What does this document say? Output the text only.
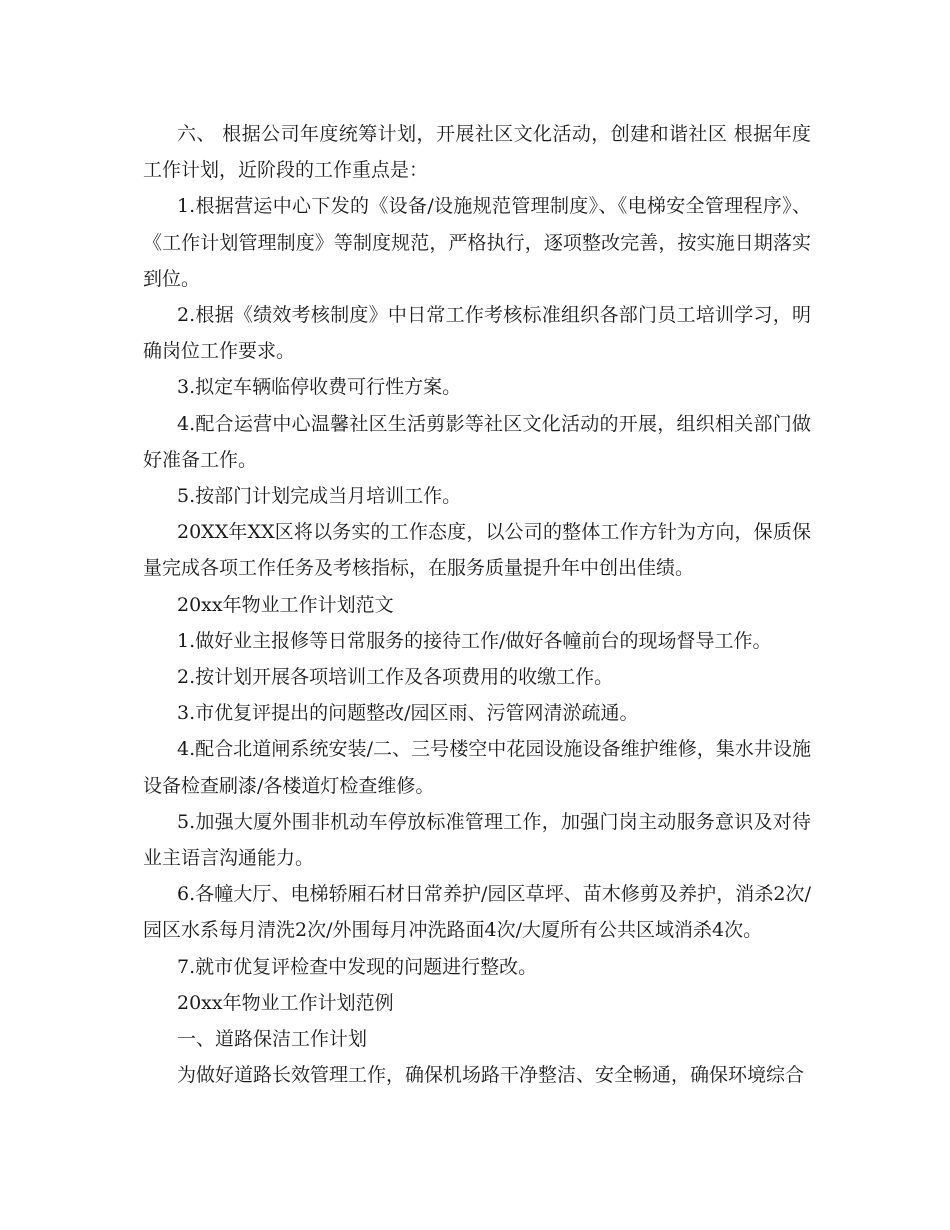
六、 根据公司年度统筹计划，开展社区文化活动，创建和谐社区 根据年度工作计划，近阶段的工作重点是：

1.根据营运中心下发的《设备/设施规范管理制度》、《电梯安全管理程序》、《工作计划管理制度》等制度规范，严格执行，逐项整改完善，按实施日期落实到位。

2.根据《绩效考核制度》中日常工作考核标准组织各部门员工培训学习，明确岗位工作要求。

3.拟定车辆临停收费可行性方案。

4.配合运营中心温馨社区生活剪影等社区文化活动的开展，组织相关部门做好准备工作。

5.按部门计划完成当月培训工作。

20XX年XX区将以务实的工作态度，以公司的整体工作方针为方向，保质保量完成各项工作任务及考核指标，在服务质量提升年中创出佳绩。

20xx年物业工作计划范文

1.做好业主报修等日常服务的接待工作/做好各幢前台的现场督导工作。

2.按计划开展各项培训工作及各项费用的收缴工作。

3.市优复评提出的问题整改/园区雨、污管网清淤疏通。

4.配合北道闸系统安装/二、三号楼空中花园设施设备维护维修，集水井设施设备检查刷漆/各楼道灯检查维修。

5.加强大厦外围非机动车停放标准管理工作，加强门岗主动服务意识及对待业主语言沟通能力。

6.各幢大厅、电梯轿厢石材日常养护/园区草坪、苗木修剪及养护，消杀2次/园区水系每月清洗2次/外围每月冲洗路面4次/大厦所有公共区域消杀4次。

7.就市优复评检查中发现的问题进行整改。

20xx年物业工作计划范例

一、道路保洁工作计划

为做好道路长效管理工作，确保机场路干净整洁、安全畅通，确保环境综合
